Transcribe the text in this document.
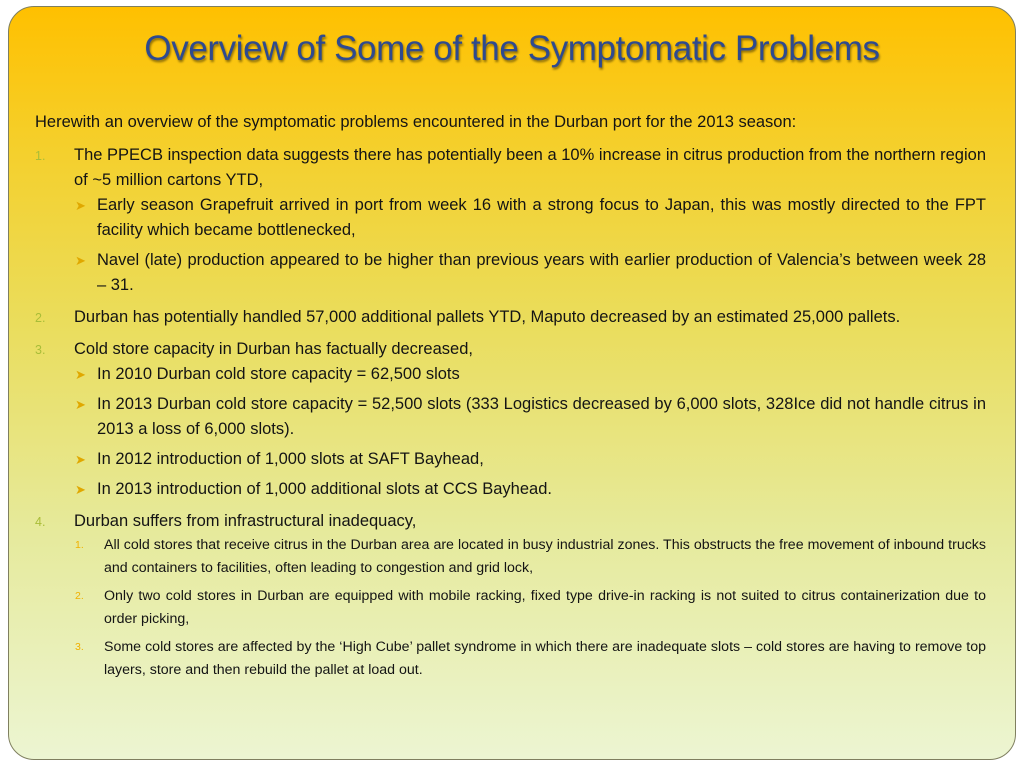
Overview of Some of the Symptomatic Problems

Herewith an overview of the symptomatic problems encountered in the Durban port for the 2013 season:

1. The PPECB inspection data suggests there has potentially been a 10% increase in citrus production from the northern region of ~5 million cartons YTD,
➤ Early season Grapefruit arrived in port from week 16 with a strong focus to Japan, this was mostly directed to the FPT facility which became bottlenecked,
➤ Navel (late) production appeared to be higher than previous years with earlier production of Valencia’s between week 28 – 31.
2. Durban has potentially handled 57,000 additional pallets YTD, Maputo decreased by an estimated 25,000 pallets.
3. Cold store capacity in Durban has factually decreased,
➤ In 2010 Durban cold store capacity = 62,500 slots
➤ In 2013 Durban cold store capacity = 52,500 slots (333 Logistics decreased by 6,000 slots, 328Ice did not handle citrus in 2013 a loss of 6,000 slots).
➤ In 2012 introduction of 1,000 slots at SAFT Bayhead,
➤ In 2013 introduction of 1,000 additional slots at CCS Bayhead.
4. Durban suffers from infrastructural inadequacy,
1. All cold stores that receive citrus in the Durban area are located in busy industrial zones. This obstructs the free movement of inbound trucks and containers to facilities, often leading to congestion and grid lock,
2. Only two cold stores in Durban are equipped with mobile racking, fixed type drive-in racking is not suited to citrus containerization due to order picking,
3. Some cold stores are affected by the ‘High Cube’ pallet syndrome in which there are inadequate slots – cold stores are having to remove top layers, store and then rebuild the pallet at load out.
